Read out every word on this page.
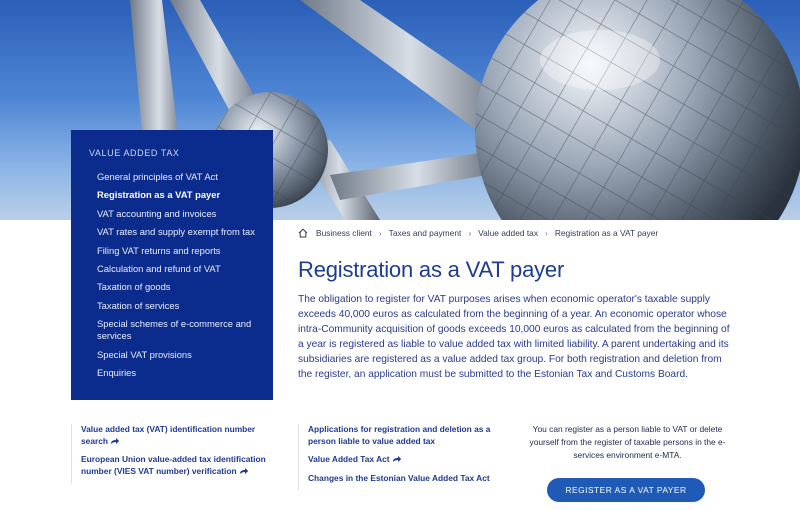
VALUE ADDED TAX
General principles of VAT Act
Registration as a VAT payer
VAT accounting and invoices
VAT rates and supply exempt from tax
Filing VAT returns and reports
Calculation and refund of VAT
Taxation of goods
Taxation of services
Special schemes of e-commerce and services
Special VAT provisions
Enquiries
Business client › Taxes and payment › Value added tax › Registration as a VAT payer
Registration as a VAT payer

The obligation to register for VAT purposes arises when economic operator's taxable supply exceeds 40,000 euros as calculated from the beginning of a year. An economic operator whose intra-Community acquisition of goods exceeds 10,000 euros as calculated from the beginning of a year is registered as liable to value added tax with limited liability. A parent undertaking and its subsidiaries are registered as a value added tax group. For both registration and deletion from the register, an application must be submitted to the Estonian Tax and Customs Board.

Value added tax (VAT) identification number search
European Union value-added tax identification number (VIES VAT number) verification
Applications for registration and deletion as a person liable to value added tax
Value Added Tax Act
Changes in the Estonian Value Added Tax Act

You can register as a person liable to VAT or delete yourself from the register of taxable persons in the e-services environment e-MTA.

REGISTER AS A VAT PAYER
